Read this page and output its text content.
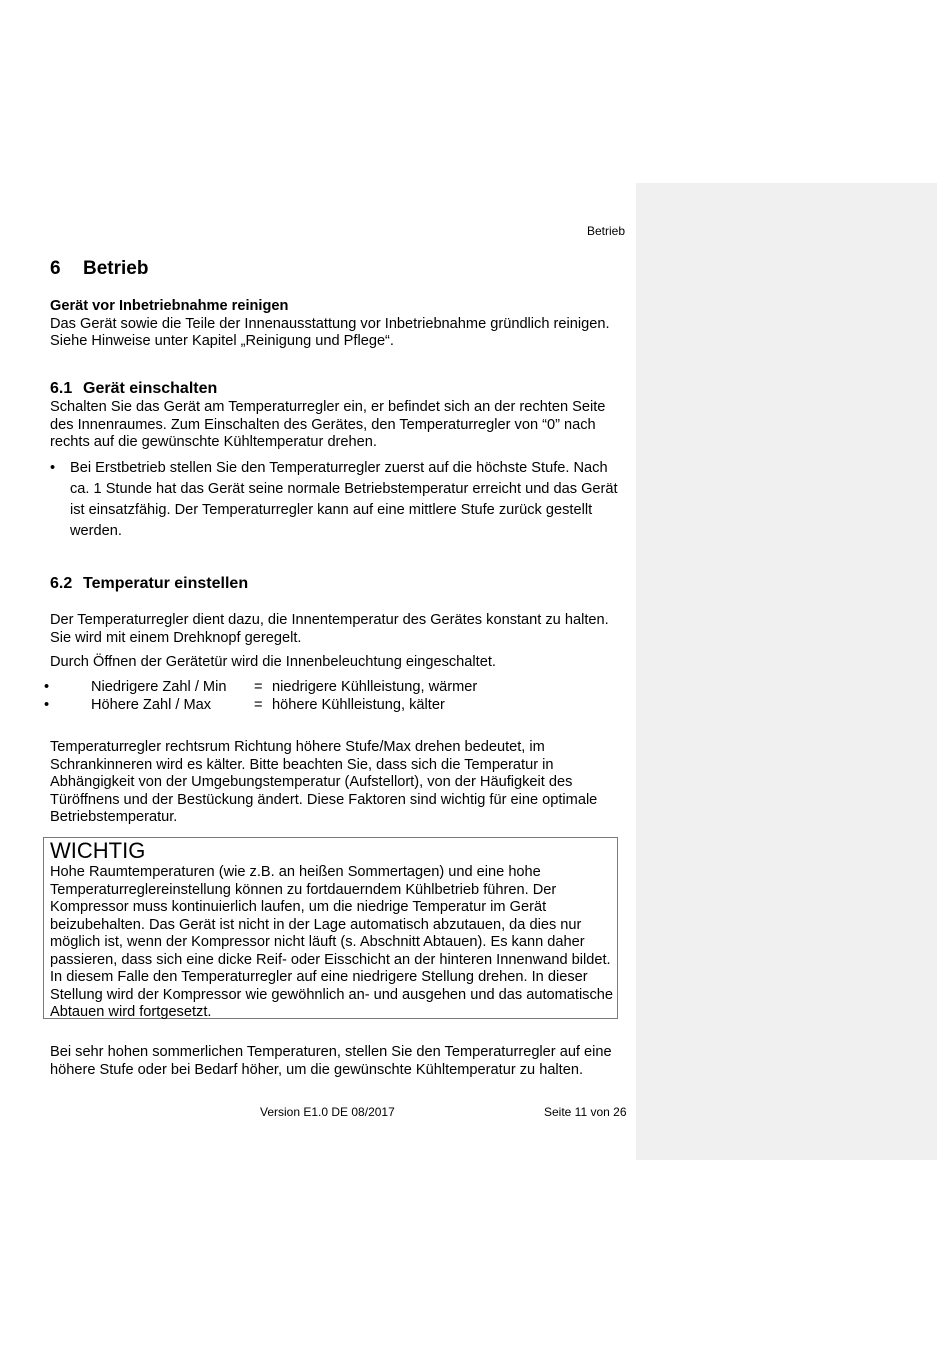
Betrieb
6 Betrieb
Gerät vor Inbetriebnahme reinigen
Das Gerät sowie die Teile der Innenausstattung vor Inbetriebnahme gründlich reinigen. Siehe Hinweise unter Kapitel „Reinigung und Pflege“.
6.1 Gerät einschalten
Schalten Sie das Gerät am Temperaturregler ein, er befindet sich an der rechten Seite des Innenraumes. Zum Einschalten des Gerätes, den Temperaturregler von “0” nach rechts auf die gewünschte Kühltemperatur drehen.
• Bei Erstbetrieb stellen Sie den Temperaturregler zuerst auf die höchste Stufe. Nach ca. 1 Stunde hat das Gerät seine normale Betriebstemperatur erreicht und das Gerät ist einsatzfähig. Der Temperaturregler kann auf eine mittlere Stufe zurück gestellt werden.
6.2 Temperatur einstellen
Der Temperaturregler dient dazu, die Innentemperatur des Gerätes konstant zu halten. Sie wird mit einem Drehknopf geregelt.
Durch Öffnen der Gerätetür wird die Innenbeleuchtung eingeschaltet.
•	Niedrigere Zahl / Min = niedrigere Kühlleistung, wärmer
•	Höhere Zahl / Max	= höhere Kühlleistung, kälter
Temperaturregler rechtsrum Richtung höhere Stufe/Max drehen bedeutet, im Schrankinneren wird es kälter. Bitte beachten Sie, dass sich die Temperatur in Abhängigkeit von der Umgebungstemperatur (Aufstellort), von der Häufigkeit des Türöffnens und der Bestückung ändert. Diese Faktoren sind wichtig für eine optimale Betriebstemperatur.
WICHTIG
Hohe Raumtemperaturen (wie z.B. an heißen Sommertagen) und eine hohe Temperaturreglereinstellung können zu fortdauerndem Kühlbetrieb führen. Der Kompressor muss kontinuierlich laufen, um die niedrige Temperatur im Gerät beizubehalten. Das Gerät ist nicht in der Lage automatisch abzutauen, da dies nur möglich ist, wenn der Kompressor nicht läuft (s. Abschnitt Abtauen). Es kann daher passieren, dass sich eine dicke Reif- oder Eisschicht an der hinteren Innenwand bildet. In diesem Falle den Temperaturregler auf eine niedrigere Stellung drehen. In dieser Stellung wird der Kompressor wie gewöhnlich an- und ausgehen und das automatische Abtauen wird fortgesetzt.
Bei sehr hohen sommerlichen Temperaturen, stellen Sie den Temperaturregler auf eine höhere Stufe oder bei Bedarf höher, um die gewünschte Kühltemperatur zu halten.
Version E1.0 DE 08/2017	Seite 11 von 26
